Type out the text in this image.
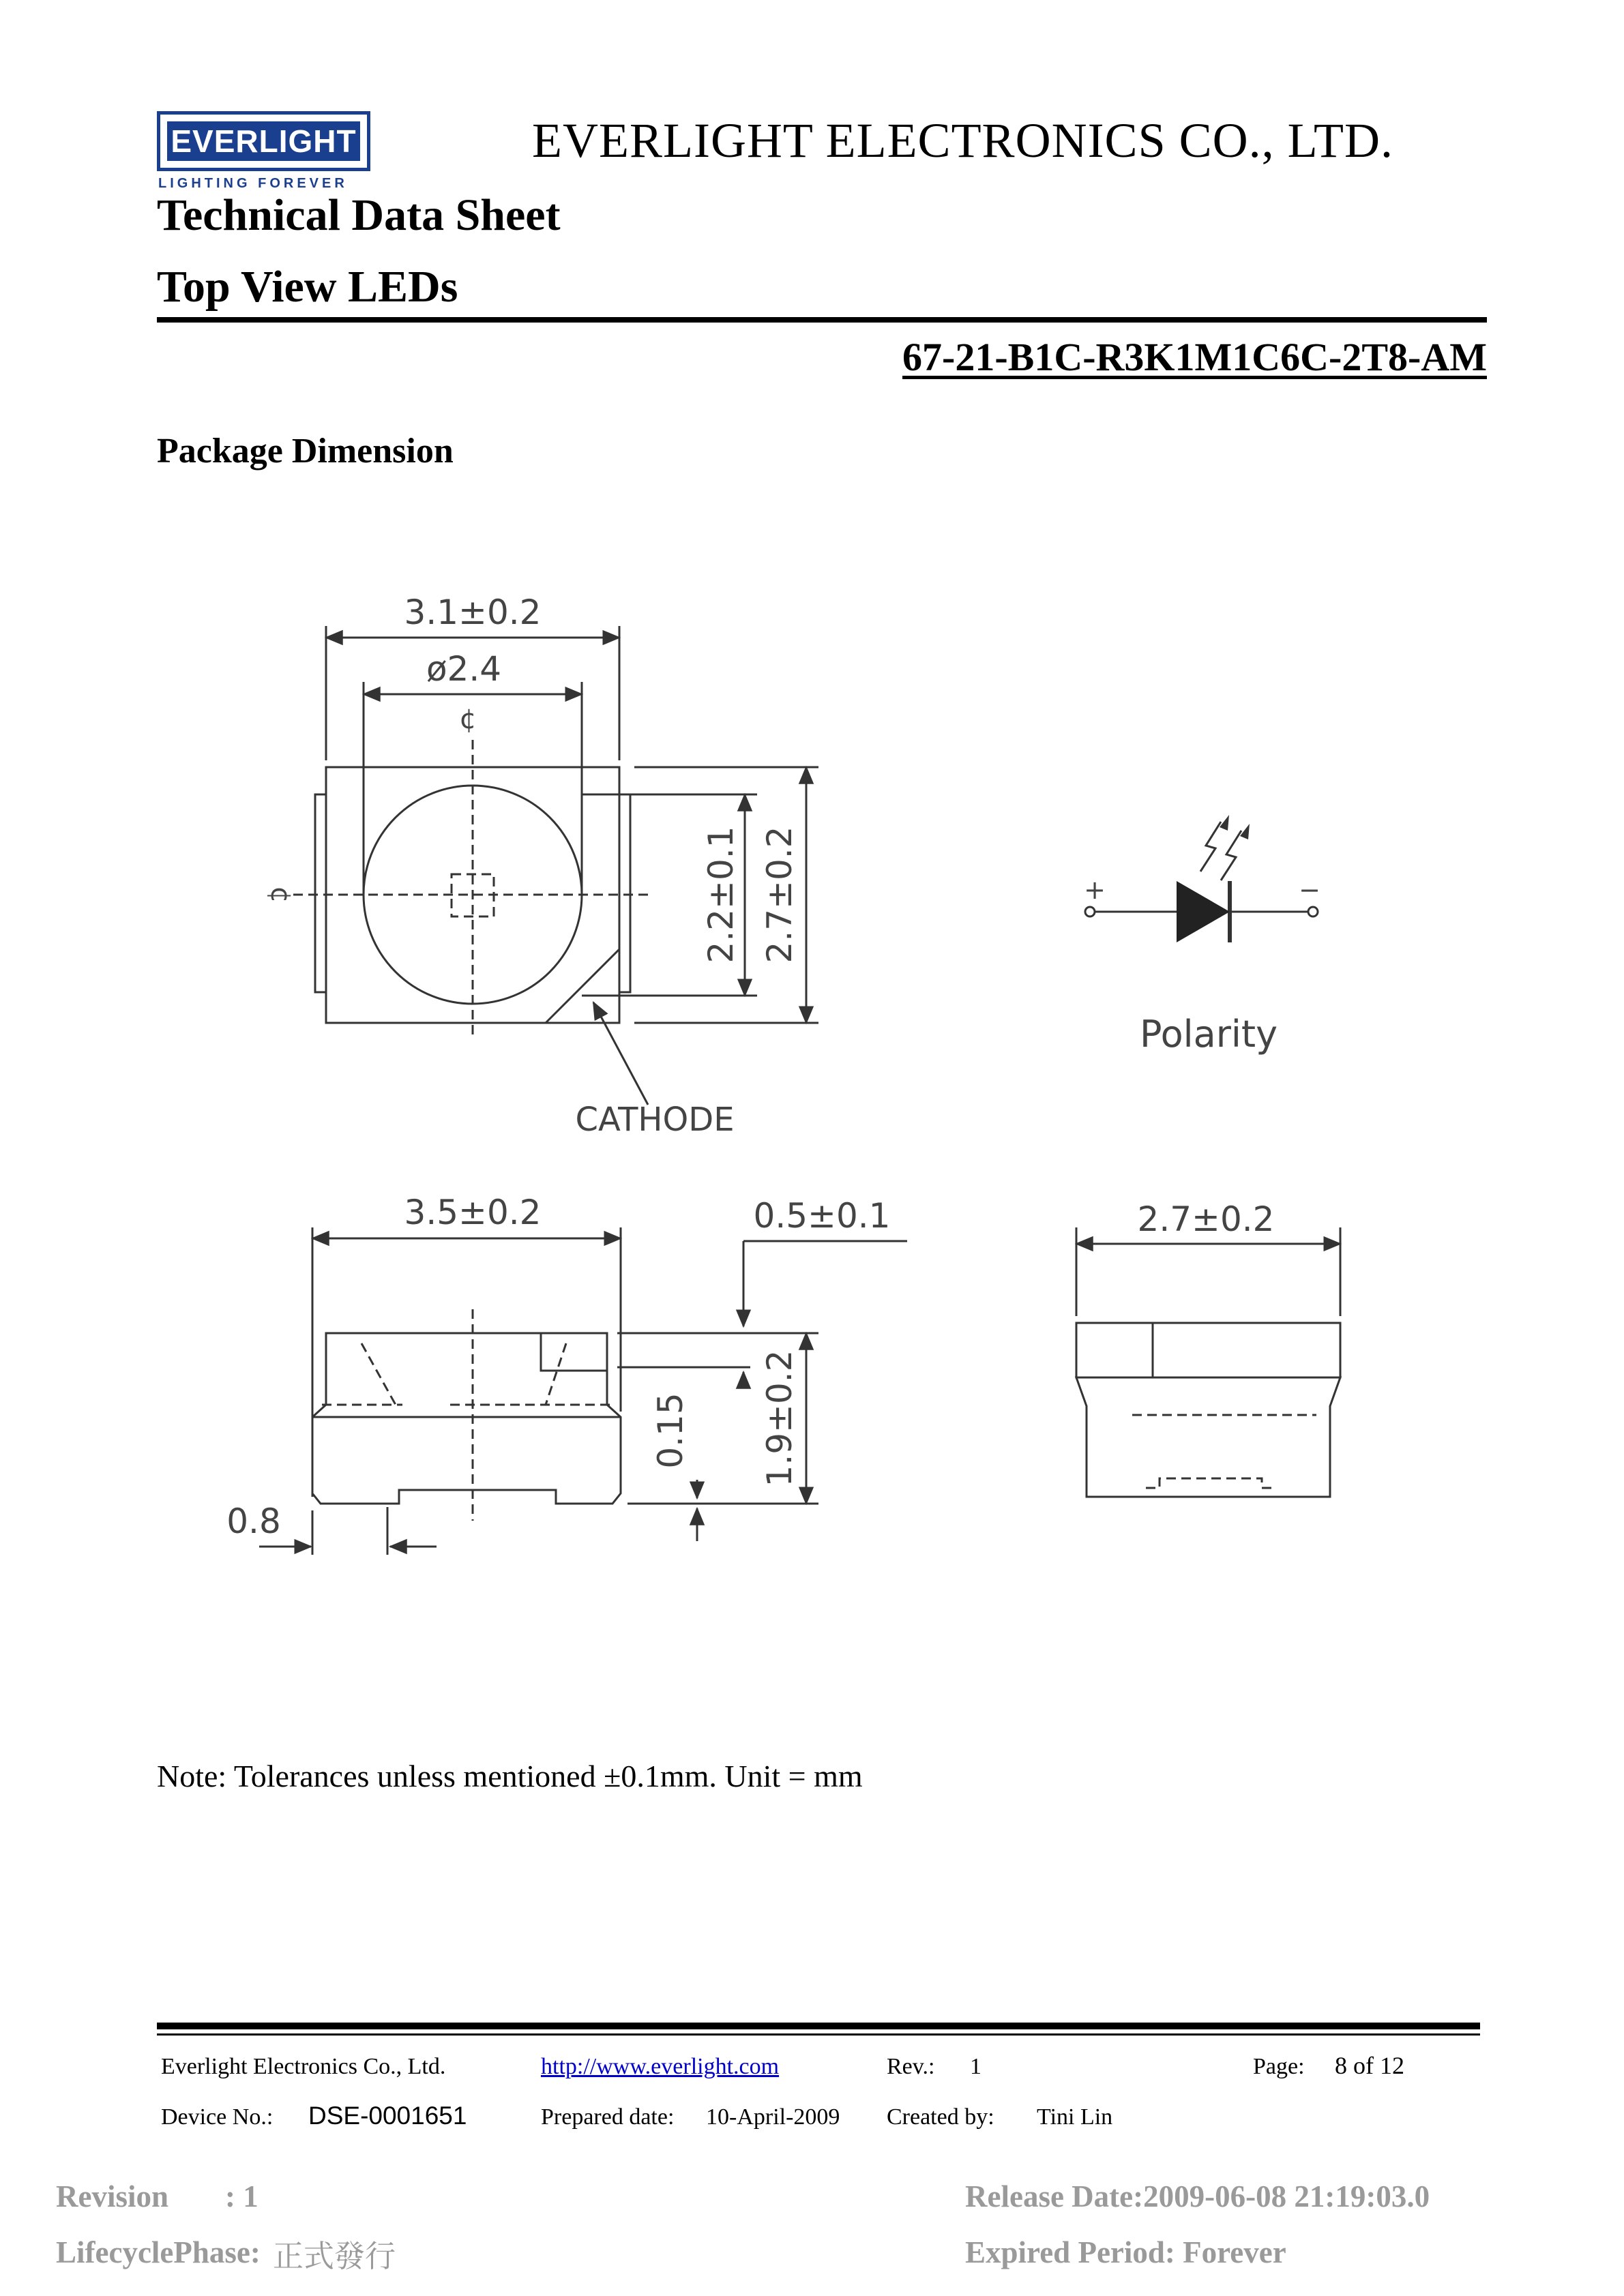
EVERLIGHT
LIGHTING FOREVER
EVERLIGHT ELECTRONICS CO., LTD.
Technical Data Sheet
Top View LEDs
67-21-B1C-R3K1M1C6C-2T8-AM
Package Dimension
3.1±0.2
ø2.4
¢
¢	2.2±0.1 2.7±0.2
CATHODE
+	−
Polarity
3.5±0.2	0.5±0.1	2.7±0.2
0.15 1.9±0.2
0.8
Note: Tolerances unless mentioned ±0.1mm. Unit = mm
Everlight Electronics Co., Ltd.	http://www.everlight.com	Rev.: 1	Page: 8 of 12
Device No.: DSE-0001651	Prepared date: 10-April-2009 Created by: Tini Lin
Revision : 1
LifecyclePhase: 正式發行
Release Date:2009-06-08 21:19:03.0
Expired Period: Forever
